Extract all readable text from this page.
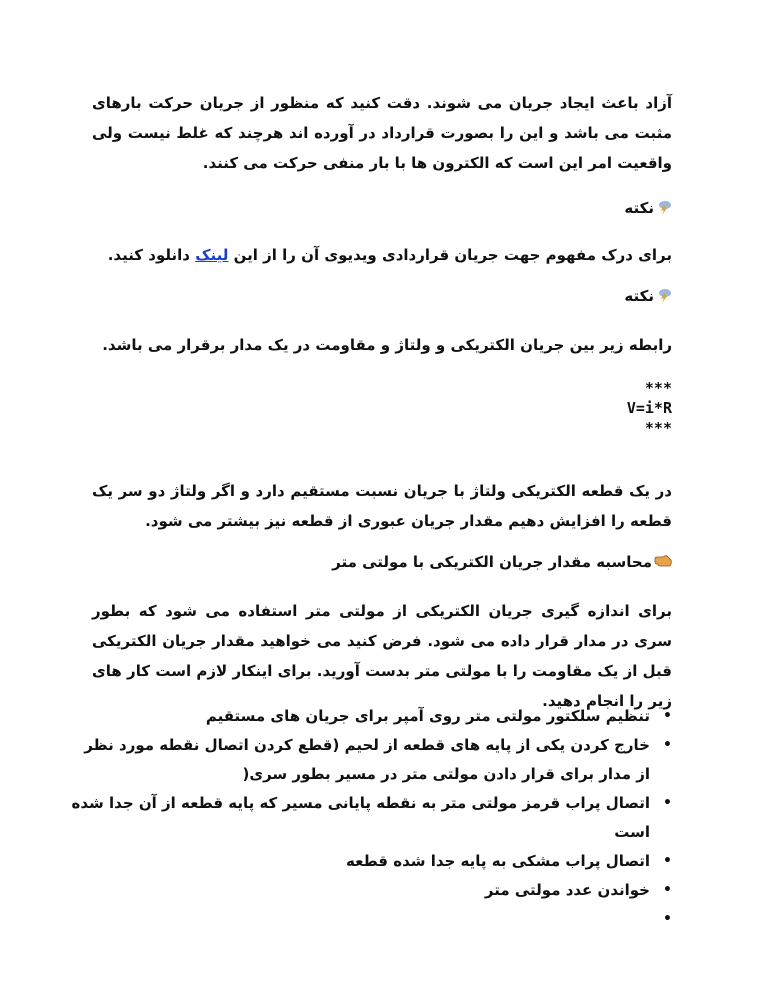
آزاد باعث ایجاد جریان می شوند. دقت کنید که منظور از جریان حرکت بارهای مثبت می باشد و این را بصورت قرارداد در آورده اند هرچند که غلط نیست ولی واقعیت امر این است که الکترون ها با بار منفی حرکت می کنند.

نکته

برای درک مفهوم جهت جریان قراردادی ویدیوی آن را از این لینک دانلود کنید.

نکته

رابطه زیر بین جریان الکتریکی و ولتاژ و مقاومت در یک مدار برقرار می باشد.

***
V=i*R
***

در یک قطعه الکتریکی ولتاژ با جریان نسبت مستقیم دارد و اگر ولتاژ دو سر یک قطعه را افزایش دهیم مقدار جریان عبوری از قطعه نیز بیشتر می شود.

محاسبه مقدار جریان الکتریکی با مولتی متر

برای اندازه گیری جریان الکتریکی از مولتی متر استفاده می شود که بطور سری در مدار قرار داده می شود. فرض کنید می خواهید مقدار جریان الکتریکی قبل از یک مقاومت را با مولتی متر بدست آورید. برای اینکار لازم است کار های زیر را انجام دهید.

• تنظیم سلکتور مولتی متر روی آمپر برای جریان های مستقیم
• خارج کردن یکی از پایه های قطعه از لحیم (قطع کردن اتصال نقطه مورد نظر از مدار برای قرار دادن مولتی متر در مسیر بطور سری(
• اتصال پراب قرمز مولتی متر به نقطه پایانی مسیر که پایه قطعه از آن جدا شده است
• اتصال پراب مشکی به پایه جدا شده قطعه
• خواندن عدد مولتی متر
•
